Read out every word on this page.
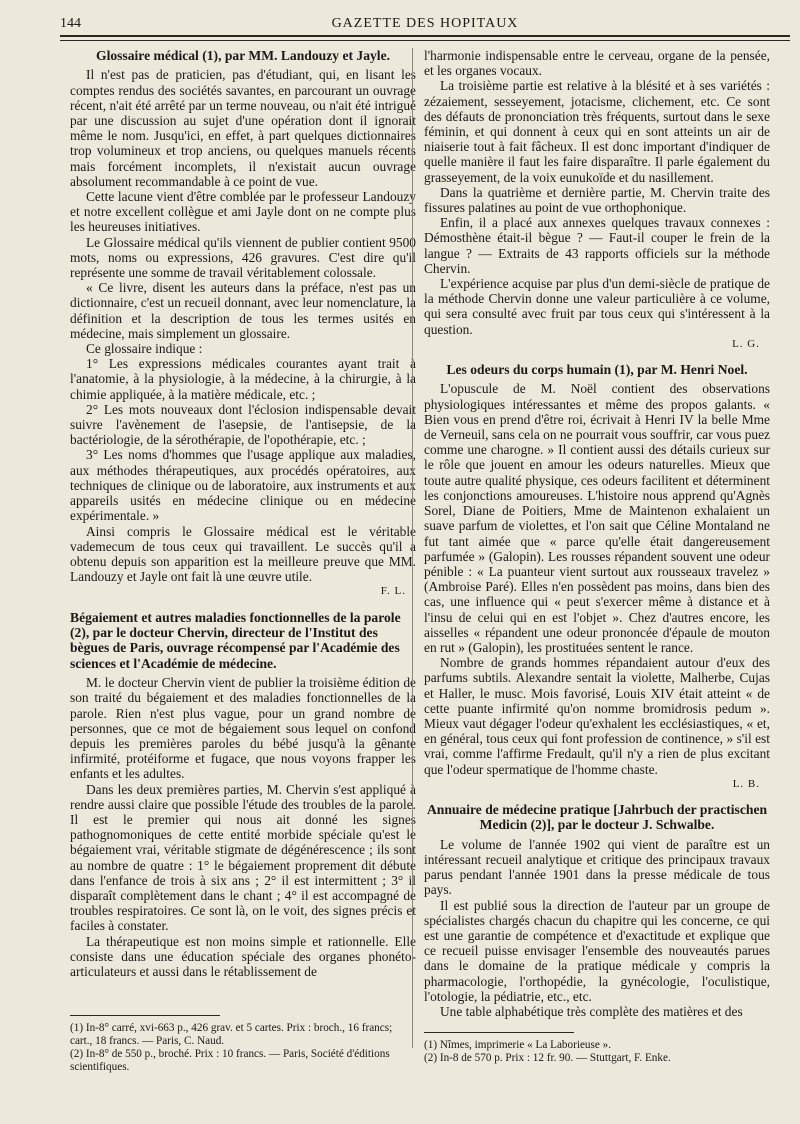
144	GAZETTE DES HOPITAUX
Glossaire médical (1), par MM. Landouzy et Jayle.

Il n'est pas de praticien, pas d'étudiant, qui, en lisant les comptes rendus des sociétés savantes, en parcourant un ouvrage récent, n'ait été arrêté par un terme nouveau, ou n'ait été intrigué par une discussion au sujet d'une opération dont il ignorait même le nom. Jusqu'ici, en effet, à part quelques dictionnaires trop volumineux et trop anciens, ou quelques manuels récents mais forcément incomplets, il n'existait aucun ouvrage absolument recommandable à ce point de vue.

Cette lacune vient d'être comblée par le professeur Landouzy et notre excellent collègue et ami Jayle dont on ne compte plus les heureuses initiatives.

Le Glossaire médical qu'ils viennent de publier contient 9500 mots, noms ou expressions, 426 gravures. C'est dire qu'il représente une somme de travail véritablement colossale.

« Ce livre, disent les auteurs dans la préface, n'est pas un dictionnaire, c'est un recueil donnant, avec leur nomenclature, la définition et la description de tous les termes usités en médecine, mais simplement un glossaire.

Ce glossaire indique :

1° Les expressions médicales courantes ayant trait à l'anatomie, à la physiologie, à la médecine, à la chirurgie, à la chimie appliquée, à la matière médicale, etc. ;

2° Les mots nouveaux dont l'éclosion indispensable devait suivre l'avènement de l'asepsie, de l'antisepsie, de la bactériologie, de la sérothérapie, de l'opothérapie, etc. ;

3° Les noms d'hommes que l'usage applique aux maladies, aux méthodes thérapeutiques, aux procédés opératoires, aux techniques de clinique ou de laboratoire, aux instruments et aux appareils usités en médecine clinique ou en médecine expérimentale. »

Ainsi compris le Glossaire médical est le véritable vademecum de tous ceux qui travaillent. Le succès qu'il a obtenu depuis son apparition est la meilleure preuve que MM. Landouzy et Jayle ont fait là une œuvre utile.

F. L.
Bégaiement et autres maladies fonctionnelles de la parole (2), par le docteur Chervin, directeur de l'Institut des bègues de Paris, ouvrage récompensé par l'Académie des sciences et l'Académie de médecine.

M. le docteur Chervin vient de publier la troisième édition de son traité du bégaiement et des maladies fonctionnelles de la parole. Rien n'est plus vague, pour un grand nombre de personnes, que ce mot de bégaiement sous lequel on confond depuis les premières paroles du bébé jusqu'à la gênante infirmité, protéiforme et fugace, que nous voyons frapper les enfants et les adultes.

Dans les deux premières parties, M. Chervin s'est appliqué à rendre aussi claire que possible l'étude des troubles de la parole. Il est le premier qui nous ait donné les signes pathognomoniques de cette entité morbide spéciale qu'est le bégaiement vrai, véritable stigmate de dégénérescence ; ils sont au nombre de quatre : 1° le bégaiement proprement dit débute dans l'enfance de trois à six ans ; 2° il est intermittent ; 3° il disparaît complètement dans le chant ; 4° il est accompagné de troubles respiratoires. Ce sont là, on le voit, des signes précis et faciles à constater.

La thérapeutique est non moins simple et rationnelle. Elle consiste dans une éducation spéciale des organes phonéto-articulateurs et aussi dans le rétablissement de

l'harmonie indispensable entre le cerveau, organe de la pensée, et les organes vocaux.

La troisième partie est relative à la blésité et à ses variétés : zézaiement, sesseyement, jotacisme, clichement, etc. Ce sont des défauts de prononciation très fréquents, surtout dans le sexe féminin, et qui donnent à ceux qui en sont atteints un air de niaiserie tout à fait fâcheux. Il est donc important d'indiquer de quelle manière il faut les faire disparaître. Il parle également du grasseyement, de la voix eunukoïde et du nasillement.

Dans la quatrième et dernière partie, M. Chervin traite des fissures palatines au point de vue orthophonique.

Enfin, il a placé aux annexes quelques travaux connexes : Démosthène était-il bègue ? — Faut-il couper le frein de la langue ? — Extraits de 43 rapports officiels sur la méthode Chervin.

L'expérience acquise par plus d'un demi-siècle de pratique de la méthode Chervin donne une valeur particulière à ce volume, qui sera consulté avec fruit par tous ceux qui s'intéressent à la question.

L. G.
Les odeurs du corps humain (1), par M. Henri Noel.

L'opuscule de M. Noël contient des observations physiologiques intéressantes et même des propos galants. « Bien vous en prend d'être roi, écrivait à Henri IV la belle Mme de Verneuil, sans cela on ne pourrait vous souffrir, car vous puez comme une charogne. » Il contient aussi des détails curieux sur le rôle que jouent en amour les odeurs naturelles. Mieux que toute autre qualité physique, ces odeurs facilitent et déterminent les conjonctions amoureuses. L'histoire nous apprend qu'Agnès Sorel, Diane de Poitiers, Mme de Maintenon exhalaient un suave parfum de violettes, et l'on sait que Céline Montaland ne fut tant aimée que « parce qu'elle était dangereusement parfumée » (Galopin). Les rousses répandent souvent une odeur pénible : « La puanteur vient surtout aux rousseaux travelez » (Ambroise Paré). Elles n'en possèdent pas moins, dans bien des cas, une influence qui « peut s'exercer même à distance et à l'insu de celui qui en est l'objet ». Chez d'autres encore, les aisselles « répandent une odeur prononcée d'épaule de mouton en rut » (Galopin), les prostituées sentent le rance.

Nombre de grands hommes répandaient autour d'eux des parfums subtils. Alexandre sentait la violette, Malherbe, Cujas et Haller, le musc. Mois favorisé, Louis XIV était atteint « de cette puante infirmité qu'on nomme bromidrosis pedum ». Mieux vaut dégager l'odeur qu'exhalent les ecclésiastiques, « et, en général, tous ceux qui font profession de continence, » s'il est vrai, comme l'affirme Fredault, qu'il n'y a rien de plus excitant que l'odeur spermatique de l'homme chaste.

L. B.
Annuaire de médecine pratique [Jahrbuch der practischen Medicin (2)], par le docteur J. Schwalbe.

Le volume de l'année 1902 qui vient de paraître est un intéressant recueil analytique et critique des principaux travaux parus pendant l'année 1901 dans la presse médicale de tous pays.

Il est publié sous la direction de l'auteur par un groupe de spécialistes chargés chacun du chapitre qui les concerne, ce qui est une garantie de compétence et d'exactitude et explique que ce recueil puisse envisager l'ensemble des nouveautés parues dans le domaine de la pratique médicale y compris la pharmacologie, l'orthopédie, la gynécologie, l'oculistique, l'otologie, la pédiatrie, etc., etc.

Une table alphabétique très complète des matières et des

(1) In-8° carré, xvi-663 p., 426 grav. et 5 cartes. Prix : broch., 16 francs; cart., 18 francs. — Paris, C. Naud.

(2) In-8° de 550 p., broché. Prix : 10 francs. — Paris, Société d'éditions scientifiques.

(1) Nîmes, imprimerie « La Laborieuse ».

(2) In-8 de 570 p. Prix : 12 fr. 90. — Stuttgart, F. Enke.
